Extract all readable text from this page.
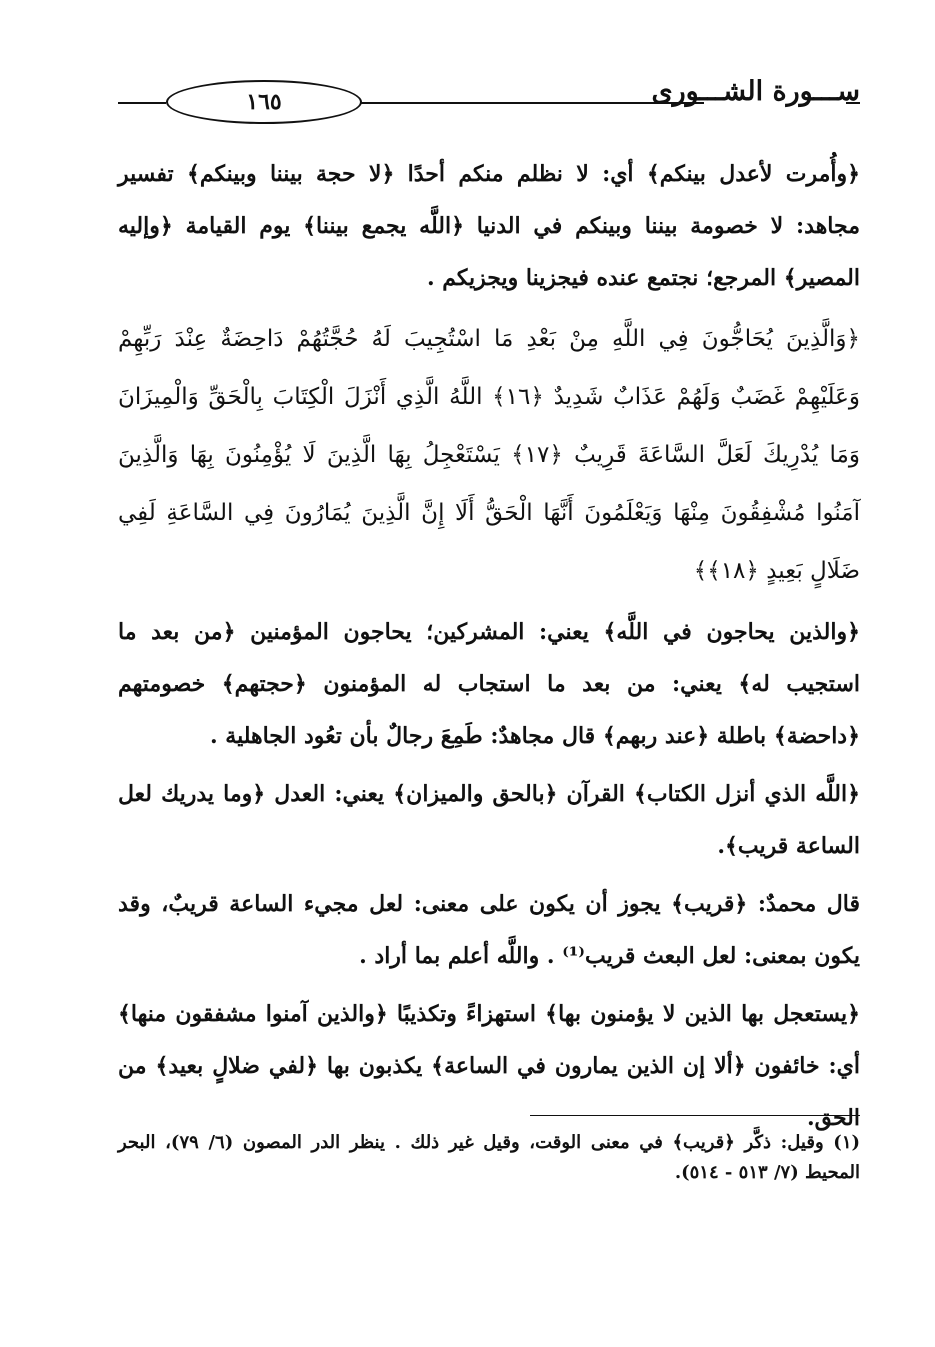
١٦٥	ســـورة الشـــورى

﴿وأُمرت لأعدل بينكم﴾ أي: لا نظلم منكم أحدًا ﴿لا حجة بيننا وبينكم﴾ تفسير مجاهد: لا خصومة بيننا وبينكم في الدنيا ﴿اللَّه يجمع بيننا﴾ يوم القيامة ﴿وإليه المصير﴾ المرجع؛ نجتمع عنده فيجزينا ويجزيكم .

﴿وَالَّذِينَ يُحَاجُّونَ فِي اللَّهِ مِنْ بَعْدِ مَا اسْتُجِيبَ لَهُ حُجَّتُهُمْ دَاحِضَةٌ عِنْدَ رَبِّهِمْ وَعَلَيْهِمْ غَضَبٌ وَلَهُمْ عَذَابٌ شَدِيدٌ ﴿١٦﴾ اللَّهُ الَّذِي أَنْزَلَ الْكِتَابَ بِالْحَقِّ وَالْمِيزَانَ وَمَا يُدْرِيكَ لَعَلَّ السَّاعَةَ قَرِيبٌ ﴿١٧﴾ يَسْتَعْجِلُ بِهَا الَّذِينَ لَا يُؤْمِنُونَ بِهَا وَالَّذِينَ آمَنُوا مُشْفِقُونَ مِنْهَا وَيَعْلَمُونَ أَنَّهَا الْحَقُّ أَلَا إِنَّ الَّذِينَ يُمَارُونَ فِي السَّاعَةِ لَفِي ضَلَالٍ بَعِيدٍ ﴿١٨﴾﴾

﴿والذين يحاجون في اللَّه﴾ يعني: المشركين؛ يحاجون المؤمنين ﴿من بعد ما استجيب له﴾ يعني: من بعد ما استجاب له المؤمنون ﴿حجتهم﴾ خصومتهم ﴿داحضة﴾ باطلة ﴿عند ربهم﴾ قال مجاهدٌ: طَمِعَ رجالٌ بأن تعُود الجاهلية .

﴿اللَّه الذي أنزل الكتاب﴾ القرآن ﴿بالحق والميزان﴾ يعني: العدل ﴿وما يدريك لعل الساعة قريب﴾.

قال محمدٌ: ﴿قريب﴾ يجوز أن يكون على معنى: لعل مجيء الساعة قريبٌ، وقد يكون بمعنى: لعل البعث قريب⁽¹⁾ . واللَّه أعلم بما أراد .

﴿يستعجل بها الذين لا يؤمنون بها﴾ استهزاءً وتكذيبًا ﴿والذين آمنوا مشفقون منها﴾ أي: خائفون ﴿ألا إن الذين يمارون في الساعة﴾ يكذبون بها ﴿لفي ضلالٍ بعيد﴾ من الحق.

(١) وقيل: ذكَّر ﴿قريب﴾ في معنى الوقت، وقيل غير ذلك . ينظر الدر المصون (٦/ ٧٩)، البحر المحيط (٧/ ٥١٣ - ٥١٤).
